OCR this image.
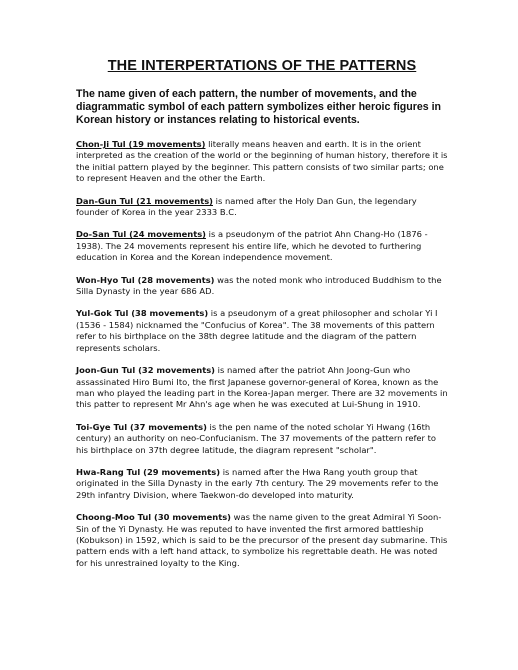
THE INTERPERTATIONS OF THE PATTERNS
The name given of each pattern, the number of movements, and the diagrammatic symbol of each pattern symbolizes either heroic figures in Korean history or instances relating to historical events.
Chon-Ji Tul (19 movements) literally means heaven and earth. It is in the orient interpreted as the creation of the world or the beginning of human history, therefore it is the initial pattern played by the beginner. This pattern consists of two similar parts; one to represent Heaven and the other the Earth.
Dan-Gun Tul (21 movements) is named after the Holy Dan Gun, the legendary founder of Korea in the year 2333 B.C.
Do-San Tul (24 movements) is a pseudonym of the patriot Ahn Chang-Ho (1876 - 1938). The 24 movements represent his entire life, which he devoted to furthering education in Korea and the Korean independence movement.
Won-Hyo Tul (28 movements) was the noted monk who introduced Buddhism to the Silla Dynasty in the year 686 AD.
Yul-Gok Tul (38 movements) is a pseudonym of a great philosopher and scholar Yi I (1536 - 1584) nicknamed the "Confucius of Korea". The 38 movements of this pattern refer to his birthplace on the 38th degree latitude and the diagram of the pattern represents scholars.
Joon-Gun Tul (32 movements) is named after the patriot Ahn Joong-Gun who assassinated Hiro Bumi Ito, the first Japanese governor-general of Korea, known as the man who played the leading part in the Korea-Japan merger. There are 32 movements in this patter to represent Mr Ahn's age when he was executed at Lui-Shung in 1910.
Toi-Gye Tul (37 movements) is the pen name of the noted scholar Yi Hwang (16th century) an authority on neo-Confucianism. The 37 movements of the pattern refer to his birthplace on 37th degree latitude, the diagram represent "scholar".
Hwa-Rang Tul (29 movements) is named after the Hwa Rang youth group that originated in the Silla Dynasty in the early 7th century. The 29 movements refer to the 29th infantry Division, where Taekwon-do developed into maturity.
Choong-Moo Tul (30 movements) was the name given to the great Admiral Yi Soon-Sin of the Yi Dynasty. He was reputed to have invented the first armored battleship (Kobukson) in 1592, which is said to be the precursor of the present day submarine. This pattern ends with a left hand attack, to symbolize his regrettable death. He was noted for his unrestrained loyalty to the King.
